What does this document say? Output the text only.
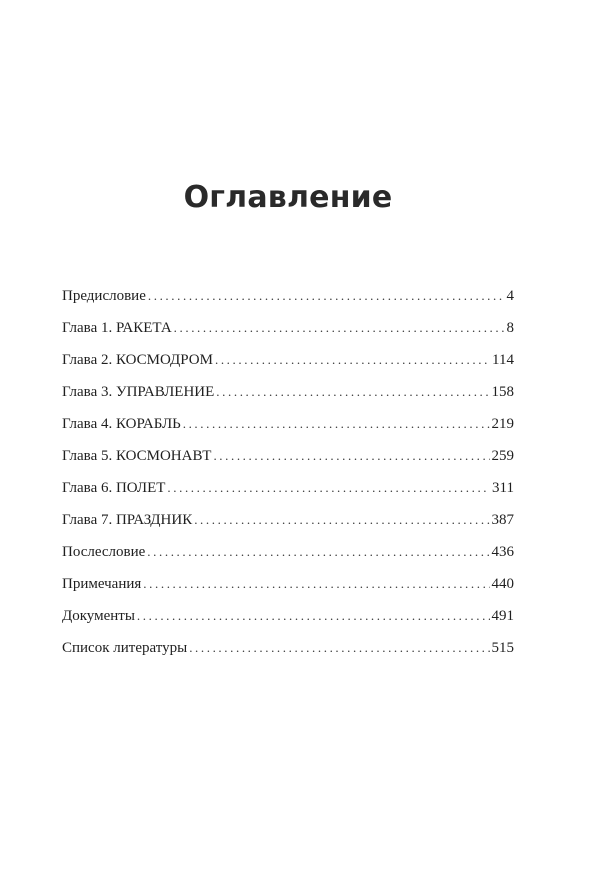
Оглавление
Предисловие .....	4
Глава 1. РАКЕТА .....	8
Глава 2. КОСМОДРОМ .....	114
Глава 3. УПРАВЛЕНИЕ .....	158
Глава 4. КОРАБЛЬ .....	219
Глава 5. КОСМОНАВТ .....	259
Глава 6. ПОЛЕТ .....	311
Глава 7. ПРАЗДНИК .....	387
Послесловие .....	436
Примечания .....	440
Документы .....	491
Список литературы .....	515
